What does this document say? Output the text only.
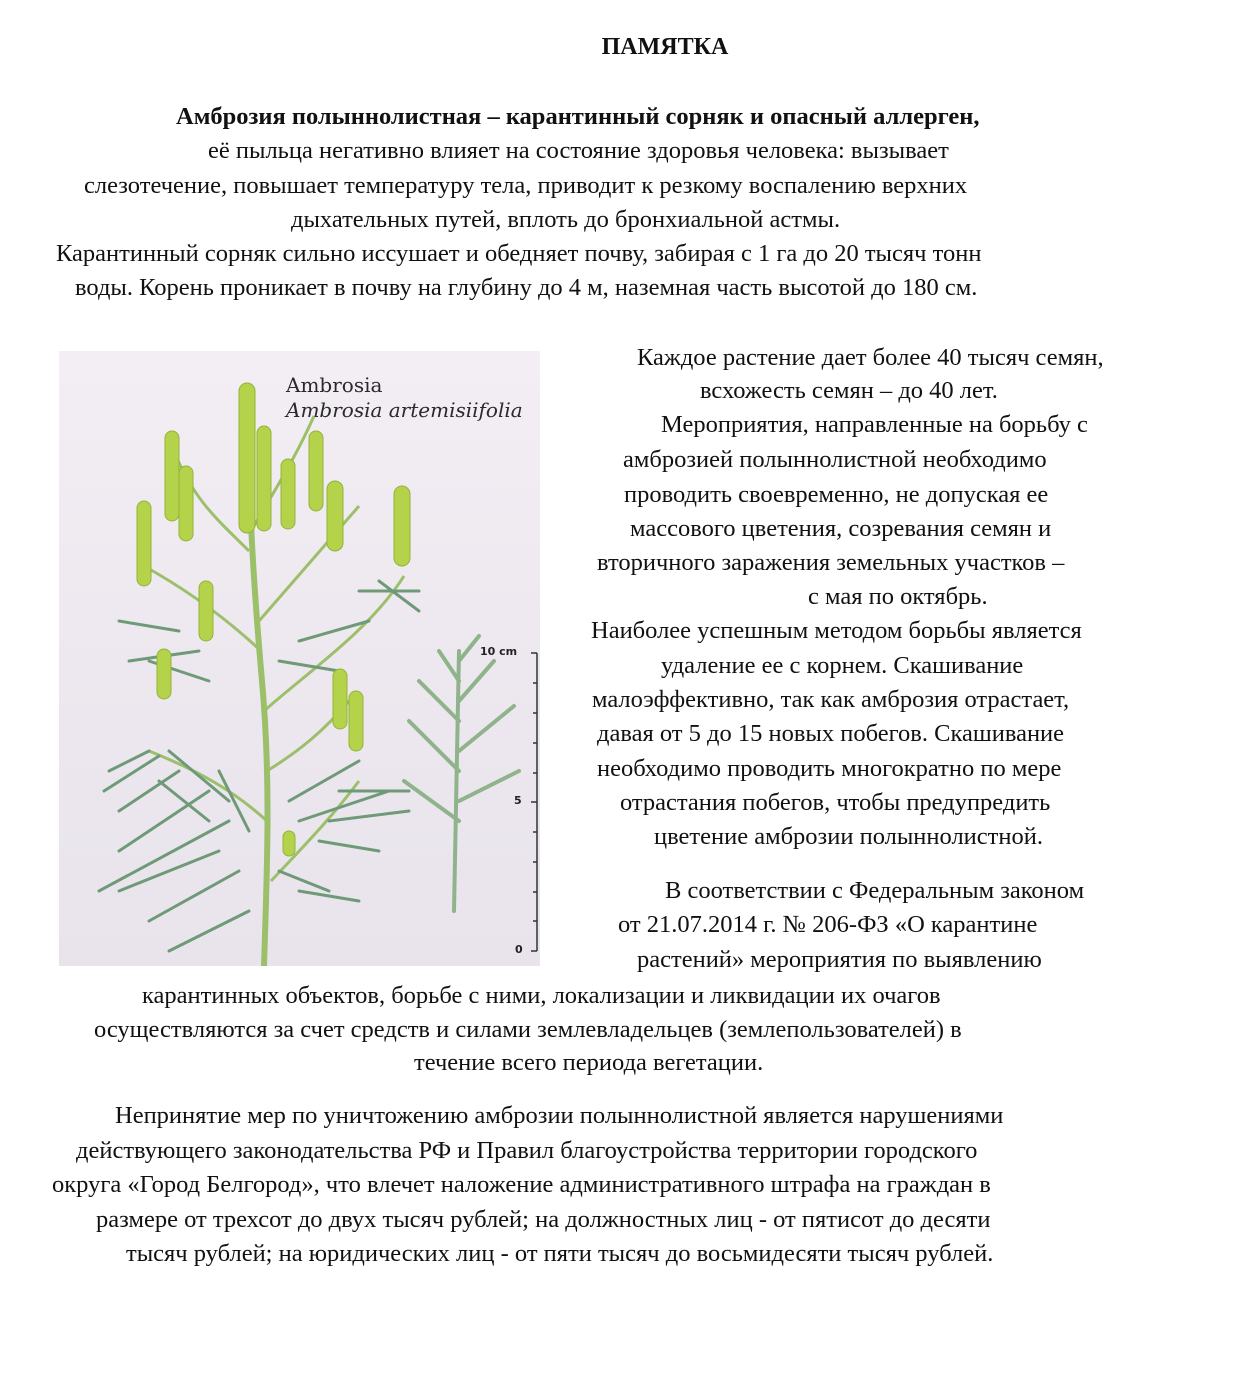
ПАМЯТКА
Амброзия полыннолистная – карантинный сорняк и опасный аллерген,
её пыльца негативно влияет на состояние здоровья человека: вызывает
слезотечение, повышает температуру тела, приводит к резкому воспалению верхних
дыхательных путей, вплоть до бронхиальной астмы.
Карантинный сорняк сильно иссушает и обедняет почву, забирая с 1 га до 20 тысяч тонн
воды. Корень проникает в почву на глубину до 4 м, наземная часть высотой до 180 см.
Ambrosia
Ambrosia artemisiifolia
10 cm
5
0
Каждое растение дает более 40 тысяч семян,
всхожесть семян – до 40 лет.
Мероприятия, направленные на борьбу с
амброзией полыннолистной необходимо
проводить своевременно, не допуская ее
массового цветения, созревания семян и
вторичного заражения земельных участков –
с мая по октябрь.
Наиболее успешным методом борьбы является
удаление ее с корнем. Скашивание
малоэффективно, так как амброзия отрастает,
давая от 5 до 15 новых побегов. Скашивание
необходимо проводить многократно по мере
отрастания побегов, чтобы предупредить
цветение амброзии полыннолистной.
В соответствии с Федеральным законом
от 21.07.2014 г. № 206-ФЗ «О карантине
растений» мероприятия по выявлению
карантинных объектов, борьбе с ними, локализации и ликвидации их очагов
осуществляются за счет средств и силами землевладельцев (землепользователей) в
течение всего периода вегетации.
Непринятие мер по уничтожению амброзии полыннолистной является нарушениями
действующего законодательства РФ и Правил благоустройства территории городского
округа «Город Белгород», что влечет наложение административного штрафа на граждан в
размере от трехсот до двух тысяч рублей; на должностных лиц - от пятисот до десяти
тысяч рублей; на юридических лиц - от пяти тысяч до восьмидесяти тысяч рублей.
